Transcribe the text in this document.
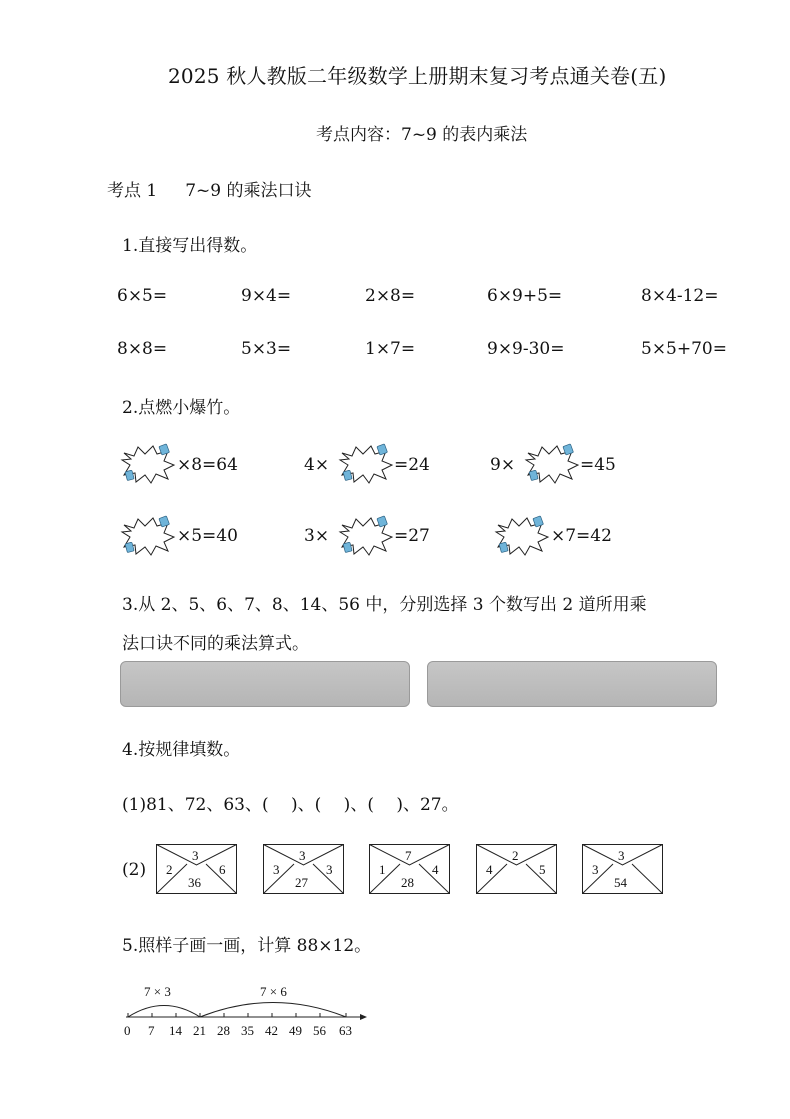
2025 秋人教版二年级数学上册期末复习考点通关卷(五)
考点内容：7~9 的表内乘法
考点 1 7~9 的乘法口诀
1.直接写出得数。
6×5=	9×4=	2×8=	6×9+5=	8×4-12=
8×8=	5×3=	1×7=	9×9-30=	5×5+70=
2.点燃小爆竹。
×8=64	4×	=24	9×	=45
×5=40	3×	=27	×7=42
3.从 2、5、6、7、8、14、56 中，分别选择 3 个数写出 2 道所用乘
法口诀不同的乘法算式。
4.按规律填数。
(1)81、72、63、(　 )、(　 )、(　 )、27。
(2)
3
2	6
36
3
3	3
27
7
1	4
28
2
4	5
3
3
54
5.照样子画一画，计算 88×12。
7 × 3	7 × 6
0 7 14 21 28 35 42 49 56 63
